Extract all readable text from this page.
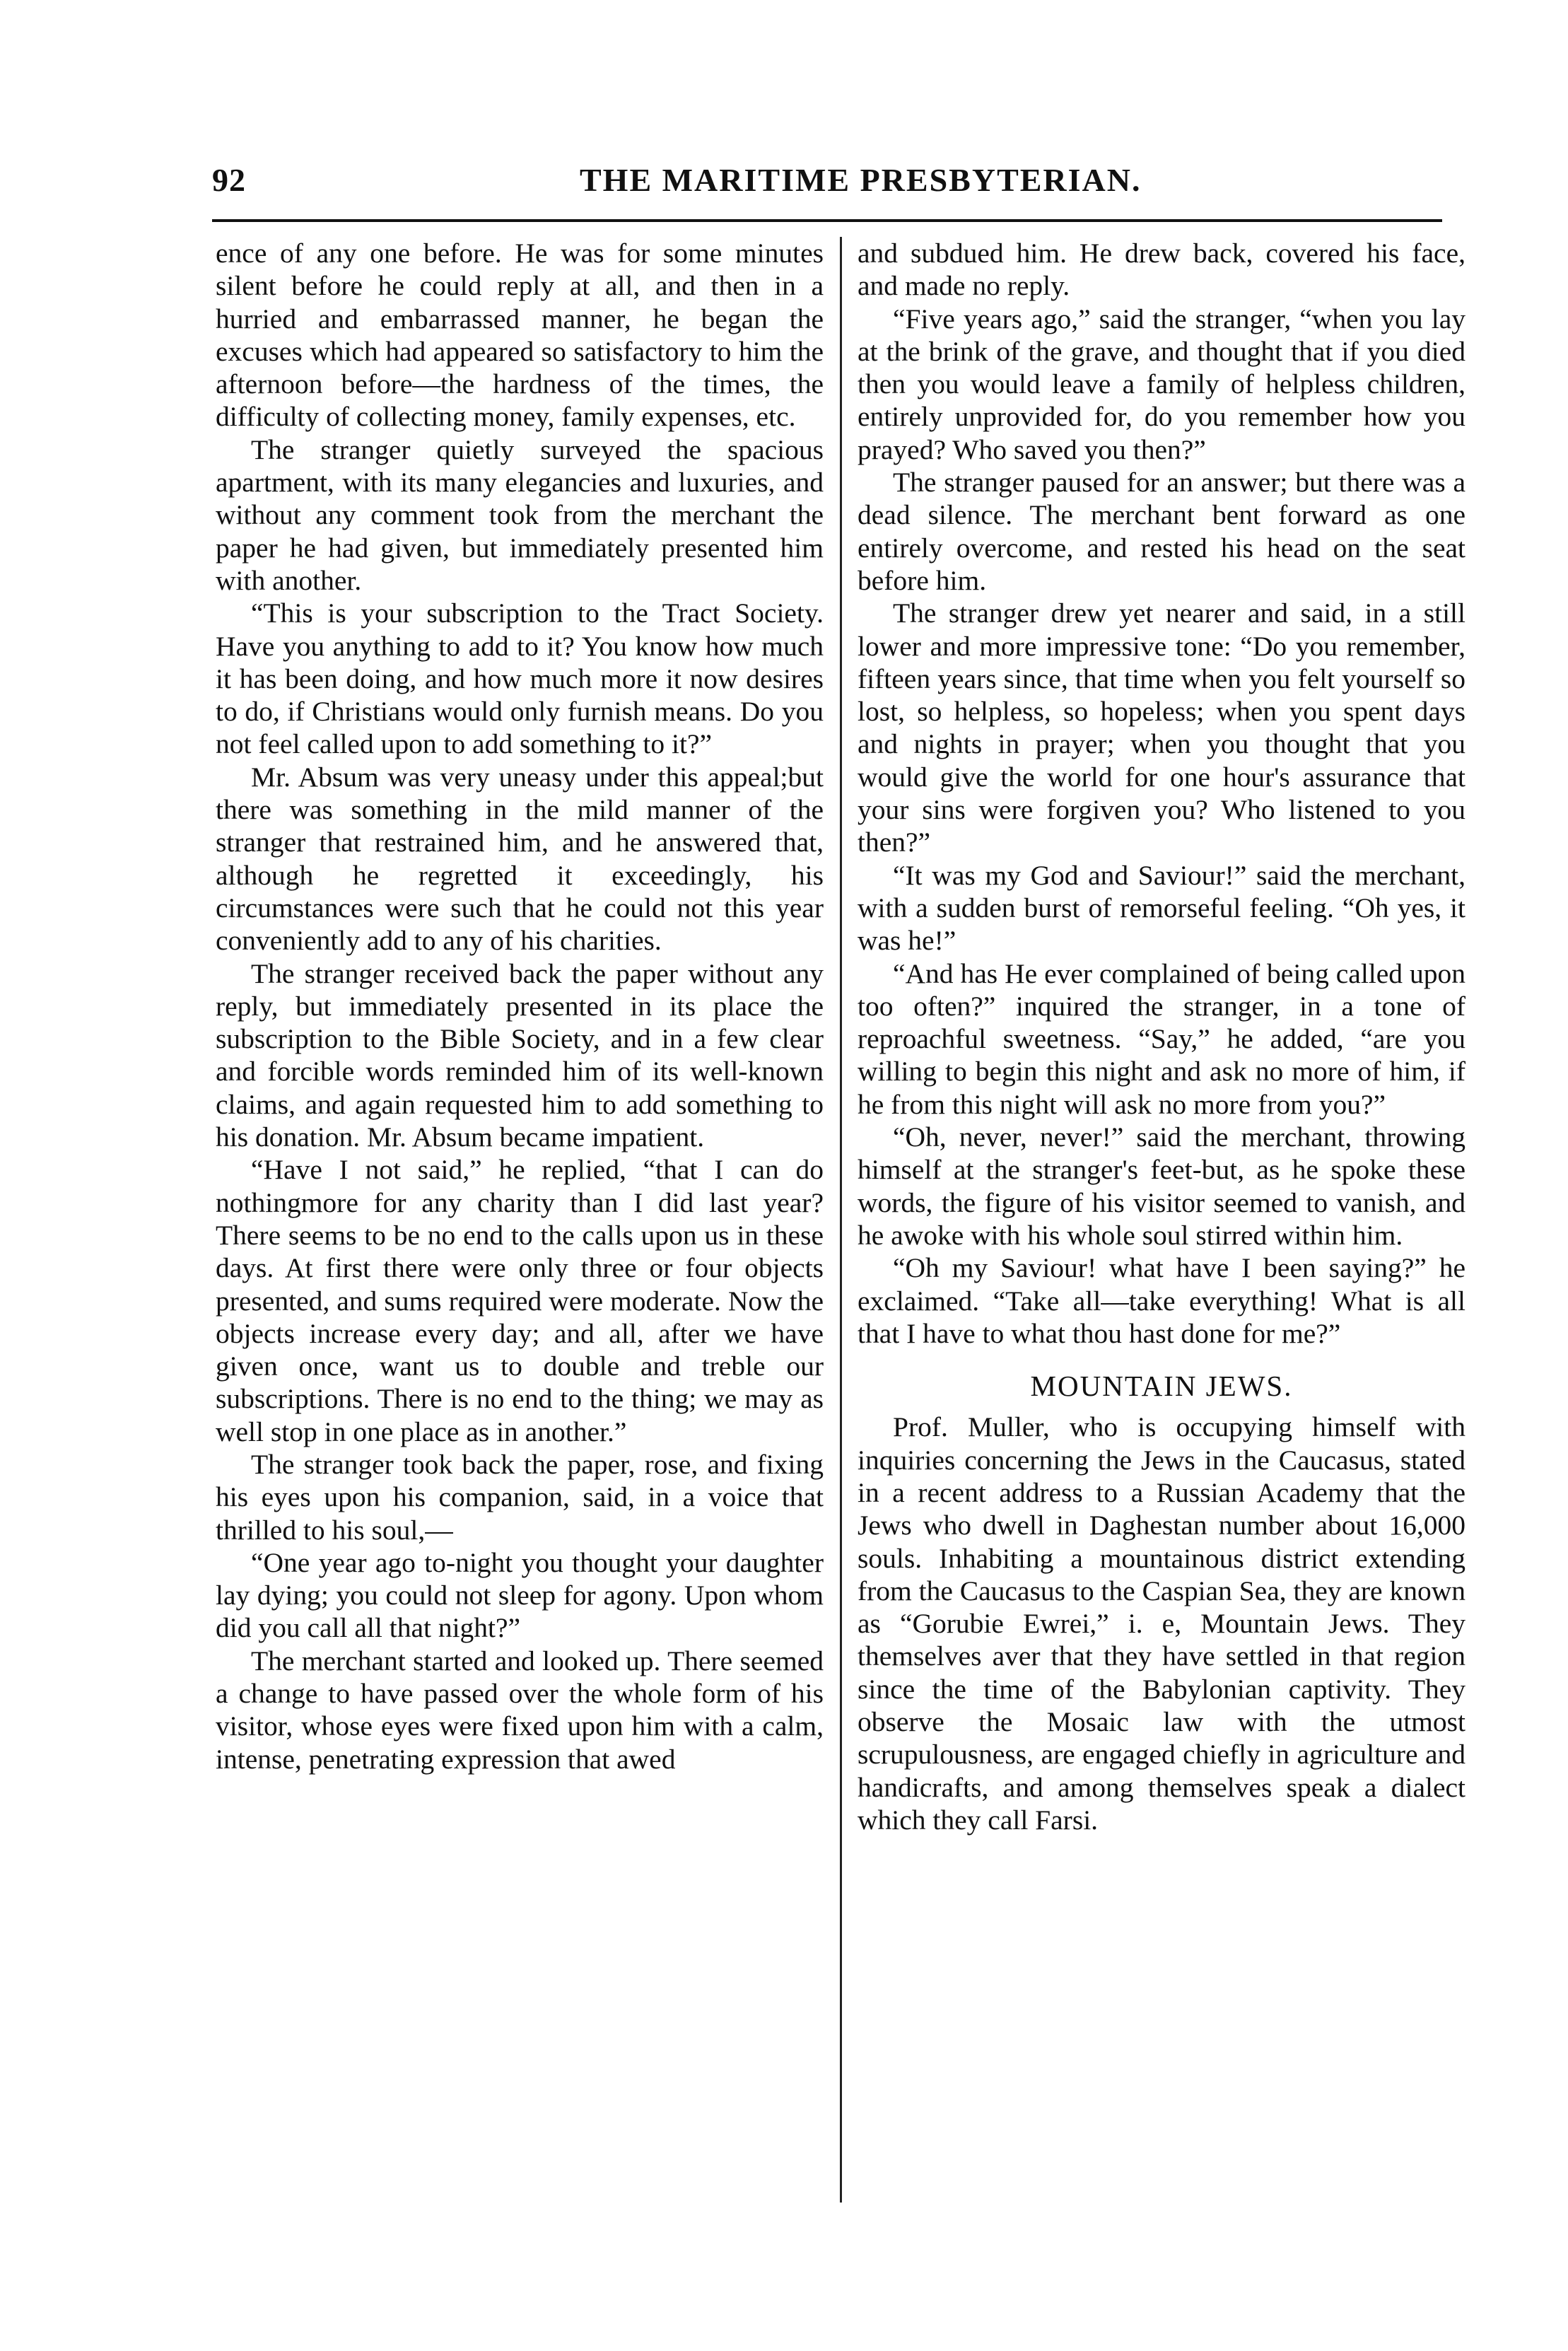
92	THE MARITIME PRESBYTERIAN.

ence of any one before. He was for some minutes silent before he could reply at all, and then in a hurried and embarrassed manner, he began the excuses which had appeared so satisfactory to him the afternoon before—the hardness of the times, the difficulty of collecting money, family expenses, etc.

The stranger quietly surveyed the spacious apartment, with its many elegancies and luxuries, and without any comment took from the merchant the paper he had given, but immediately presented him with another.

“This is your subscription to the Tract Society. Have you anything to add to it? You know how much it has been doing, and how much more it now desires to do, if Christians would only furnish means. Do you not feel called upon to add something to it?”

Mr. Absum was very uneasy under this appeal;but there was something in the mild manner of the stranger that restrained him, and he answered that, although he regretted it exceedingly, his circumstances were such that he could not this year conveniently add to any of his charities.

The stranger received back the paper without any reply, but immediately presented in its place the subscription to the Bible Society, and in a few clear and forcible words reminded him of its well-known claims, and again requested him to add something to his donation. Mr. Absum became impatient.

“Have I not said,” he replied, “that I can do nothingmore for any charity than I did last year? There seems to be no end to the calls upon us in these days. At first there were only three or four objects presented, and sums required were moderate. Now the objects increase every day; and all, after we have given once, want us to double and treble our subscriptions. There is no end to the thing; we may as well stop in one place as in another.”

The stranger took back the paper, rose, and fixing his eyes upon his companion, said, in a voice that thrilled to his soul,—

“One year ago to-night you thought your daughter lay dying; you could not sleep for agony. Upon whom did you call all that night?”

The merchant started and looked up. There seemed a change to have passed over the whole form of his visitor, whose eyes were fixed upon him with a calm, intense, penetrating expression that awed

and subdued him. He drew back, covered his face, and made no reply.

“Five years ago,” said the stranger, “when you lay at the brink of the grave, and thought that if you died then you would leave a family of helpless children, entirely unprovided for, do you remember how you prayed? Who saved you then?”

The stranger paused for an answer; but there was a dead silence. The merchant bent forward as one entirely overcome, and rested his head on the seat before him.

The stranger drew yet nearer and said, in a still lower and more impressive tone: “Do you remember, fifteen years since, that time when you felt yourself so lost, so helpless, so hopeless; when you spent days and nights in prayer; when you thought that you would give the world for one hour's assurance that your sins were forgiven you? Who listened to you then?”

“It was my God and Saviour!” said the merchant, with a sudden burst of remorseful feeling. “Oh yes, it was he!”

“And has He ever complained of being called upon too often?” inquired the stranger, in a tone of reproachful sweetness. “Say,” he added, “are you willing to begin this night and ask no more of him, if he from this night will ask no more from you?”

“Oh, never, never!” said the merchant, throwing himself at the stranger's feet-but, as he spoke these words, the figure of his visitor seemed to vanish, and he awoke with his whole soul stirred within him.

“Oh my Saviour! what have I been saying?” he exclaimed. “Take all—take everything! What is all that I have to what thou hast done for me?”

MOUNTAIN JEWS.

Prof. Muller, who is occupying himself with inquiries concerning the Jews in the Caucasus, stated in a recent address to a Russian Academy that the Jews who dwell in Daghestan number about 16,000 souls. Inhabiting a mountainous district extending from the Caucasus to the Caspian Sea, they are known as “Gorubie Ewrei,” i. e, Mountain Jews. They themselves aver that they have settled in that region since the time of the Babylonian captivity. They observe the Mosaic law with the utmost scrupulousness, are engaged chiefly in agriculture and handicrafts, and among themselves speak a dialect which they call Farsi.
